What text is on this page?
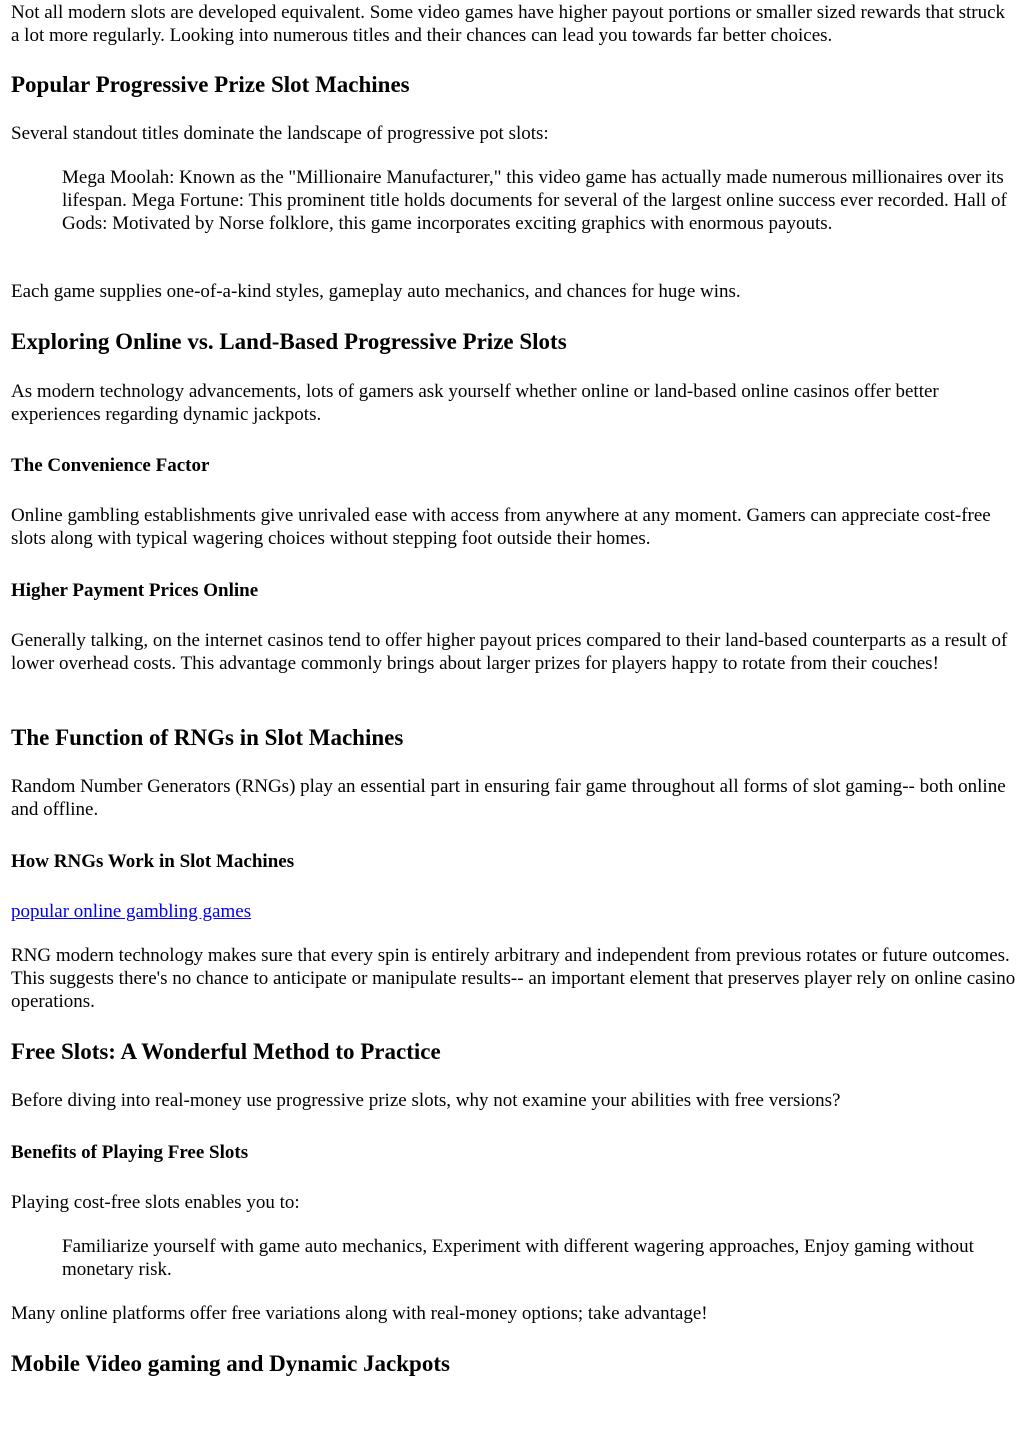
Not all modern slots are developed equivalent. Some video games have higher payout portions or smaller sized rewards that struck a lot more regularly. Looking into numerous titles and their chances can lead you towards far better choices.

Popular Progressive Prize Slot Machines

Several standout titles dominate the landscape of progressive pot slots:

Mega Moolah: Known as the "Millionaire Manufacturer," this video game has actually made numerous millionaires over its lifespan. Mega Fortune: This prominent title holds documents for several of the largest online success ever recorded. Hall of Gods: Motivated by Norse folklore, this game incorporates exciting graphics with enormous payouts.

Each game supplies one-of-a-kind styles, gameplay auto mechanics, and chances for huge wins.

Exploring Online vs. Land-Based Progressive Prize Slots

As modern technology advancements, lots of gamers ask yourself whether online or land-based online casinos offer better experiences regarding dynamic jackpots.

The Convenience Factor

Online gambling establishments give unrivaled ease with access from anywhere at any moment. Gamers can appreciate cost-free slots along with typical wagering choices without stepping foot outside their homes.

Higher Payment Prices Online

Generally talking, on the internet casinos tend to offer higher payout prices compared to their land-based counterparts as a result of lower overhead costs. This advantage commonly brings about larger prizes for players happy to rotate from their couches!

The Function of RNGs in Slot Machines

Random Number Generators (RNGs) play an essential part in ensuring fair game throughout all forms of slot gaming-- both online and offline.

How RNGs Work in Slot Machines
popular online gambling games

RNG modern technology makes sure that every spin is entirely arbitrary and independent from previous rotates or future outcomes. This suggests there's no chance to anticipate or manipulate results-- an important element that preserves player rely on online casino operations.

Free Slots: A Wonderful Method to Practice

Before diving into real-money use progressive prize slots, why not examine your abilities with free versions?

Benefits of Playing Free Slots

Playing cost-free slots enables you to:

Familiarize yourself with game auto mechanics, Experiment with different wagering approaches, Enjoy gaming without monetary risk.

Many online platforms offer free variations along with real-money options; take advantage!

Mobile Video gaming and Dynamic Jackpots
